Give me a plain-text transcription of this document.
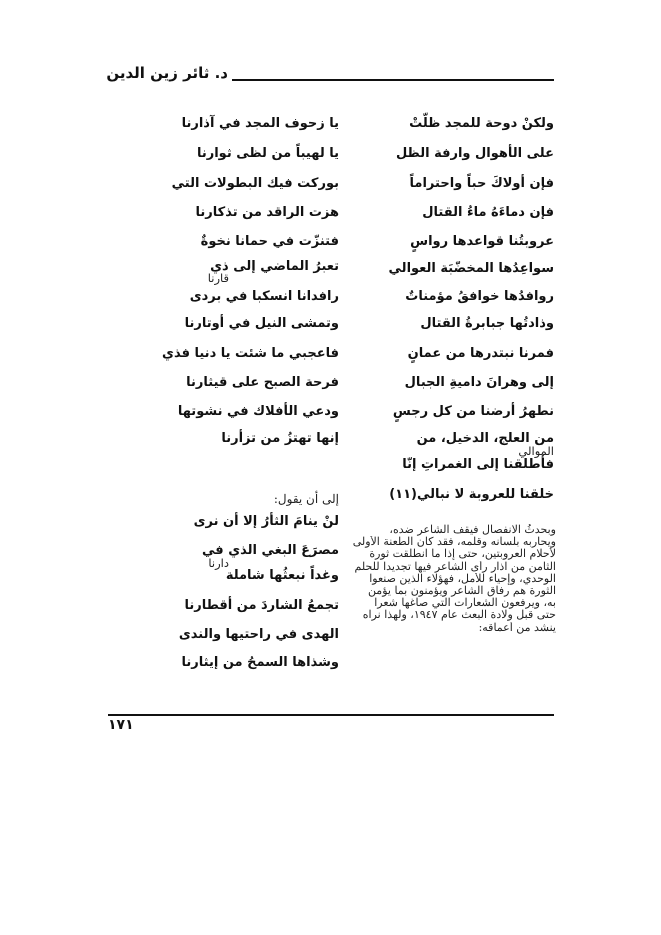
د. ثائر زين الدين
ولكنْ دوحة للمجد ظلّتْ
على الأهوال وارفة الظل
فإن أولاكَ حباً واحتراماً
فإن دماءَهُ ماءُ القتال
عروبتُنا قواعدها رواسٍ
سواعِدُها المخضّبَة العوالي
روافدُها خوافقُ مؤمناتٌ
وذادتُها جبابرةُ القتال
فمرنا نبتدرها من عمانٍ
إلى وهرانَ داميةِ الجبال
نطهرُ أرضنا من كل رجسٍ
من العلج، الدخيل، من
الموالي
فأطلقنا إلى الغمراتِ إنّا
خلقنا للعروبة لا نبالي(١١)
يا زحوف المجد في آذارنا
يا لهيباً من لظى ثوارنا
بوركت فيك البطولات التي
هزت الراقد من تذكارنا
فتنزّت في حمانا نخوةٌ
تعبرُ الماضي إلى ذي
قارنا
رافدانا انسكبا في بردى
وتمشى النيل في أوتارنا
فاعجبي ما شئت يا دنيا فذي
فرحة الصبح على قيثارنا
ودعي الأفلاك في نشوتها
إنها تهتزُ من تزأرنا
إلى أن يقول:
لنْ ينامَ الثأرُ إلا أن نرى
مصرَعَ البغي الذي في
دارنا
وغداً نبعثُها شاملة
تجمعُ الشاردَ من أقطارنا
الهدى في راحتيها والندى
وشذاها السمحُ من إيثارنا
وبحدثُ الانفصال فيقف الشاعر ضده،
ويحاربه بلسانه وقلمه، فقد كان الطعنة الأولى
لأحلام العروبتين، حتى إذا ما انطلقت ثورة
الثامن من آذار رأى الشاعر فيها تجديداً للحلم
الوحدي، وإحياء للأمل، فهؤلاء الذين صنعوا
الثورة هم رفاق الشاعر ويؤمنون بما يؤمن
به، ويرفعون الشعارات التي صاغها شعراً
حتى قبل ولادة البعث عام ١٩٤٧، ولهذا نراه
ينشد من أعماقه:
١٧١
